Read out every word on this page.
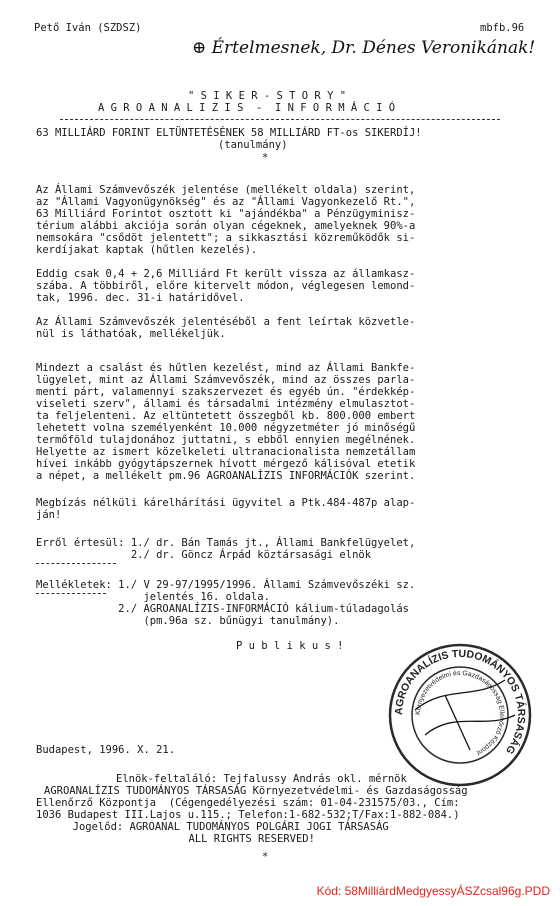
Pető Iván (SZDSZ)	mbfb.96
⊕ Értelmesnek, Dr. Dénes Veronikának!
" S I K E R - S T O R Y "
A G R O A N A L I Z I S  -  I N F O R M Á C I Ó
63 MILLIÁRD FORINT ELTÜNTETÉSÉNEK 58 MILLIÁRD FT-os SIKERDÍJ!
(tanulmány)
*
Az Állami Számvevőszék jelentése (mellékelt oldala) szerint,
az "Állami Vagyonügynökség" és az "Állami Vagyonkezelő Rt.",
63 Milliárd Forintot osztott ki "ajándékba" a Pénzügyminisz-
térium alábbi akciója során olyan cégeknek, amelyeknek 90%-a
nemsokára "csődöt jelentett"; a sikkasztási közreműködők si-
kerdíjakat kaptak (hűtlen kezelés).
Eddig csak 0,4 + 2,6 Milliárd Ft került vissza az államkasz-
szába. A többiről, előre kitervelt módon, véglegesen lemond-
tak, 1996. dec. 31-i határidővel.
Az Állami Számvevőszék jelentéséből a fent leírtak közvetle-
nül is láthatóak, mellékeljük.
Mindezt a csalást és hűtlen kezelést, mind az Állami Bankfe-
lügyelet, mint az Állami Számvevőszék, mind az összes parla-
menti párt, valamennyi szakszervezet és egyéb ún. "érdekkép-
viseleti szerv", állami és társadalmi intézmény elmulasztot-
ta feljelenteni. Az eltüntetett összegből kb. 800.000 embert
lehetett volna személyenként 10.000 négyzetméter jó minőségű
termőföld tulajdonához juttatni, s ebből ennyien megélnének.
Helyette az ismert közelkeleti ultranacionalista nemzetállam
hívei inkább gyógytápszernek hívott mérgező kálisóval etetik
a népet, a mellékelt pm.96 AGROANALÍZIS INFORMÁCIÓK szerint.
Megbízás nélküli kárelhárítási ügyvitel a Ptk.484-487p alap-
ján!
Erről értesül: 1./ dr. Bán Tamás jt., Állami Bankfelügyelet,
2./ dr. Göncz Árpád köztársasági elnök
Mellékletek: 1./ V 29-97/1995/1996. Állami Számvevőszéki sz.
jelentés 16. oldala.
2./ AGROANALÍZIS-INFORMÁCIÓ kálium-túladagolás
(pm.96a sz. bűnügyi tanulmány).
P u b l i k u s !
AGROANALÍZIS TUDOMÁNYOS TÁRSASÁG
Környezetvédelmi és Gazdaságosság Ellenőrző Központ
Budapest, 1996. X. 21.
Elnök-feltaláló: Tejfalussy András okl. mérnök
AGROANALÍZIS TUDOMÁNYOS TÁRSASÁG Környezetvédelmi- és Gazdaságosság
Ellenőrző Központja  (Cégengedélyezési szám: 01-04-231575/03., Cím:
1036 Budapest III.Lajos u.115.; Telefon:1-682-532;T/Fax:1-882-084.)
Jogelőd: AGROANAL TUDOMÁNYOS POLGÁRI JOGI TÁRSASÁG
ALL RIGHTS RESERVED!
*
Kód: 58MilliárdMedgyessyÁSZcsal96g.PDD
